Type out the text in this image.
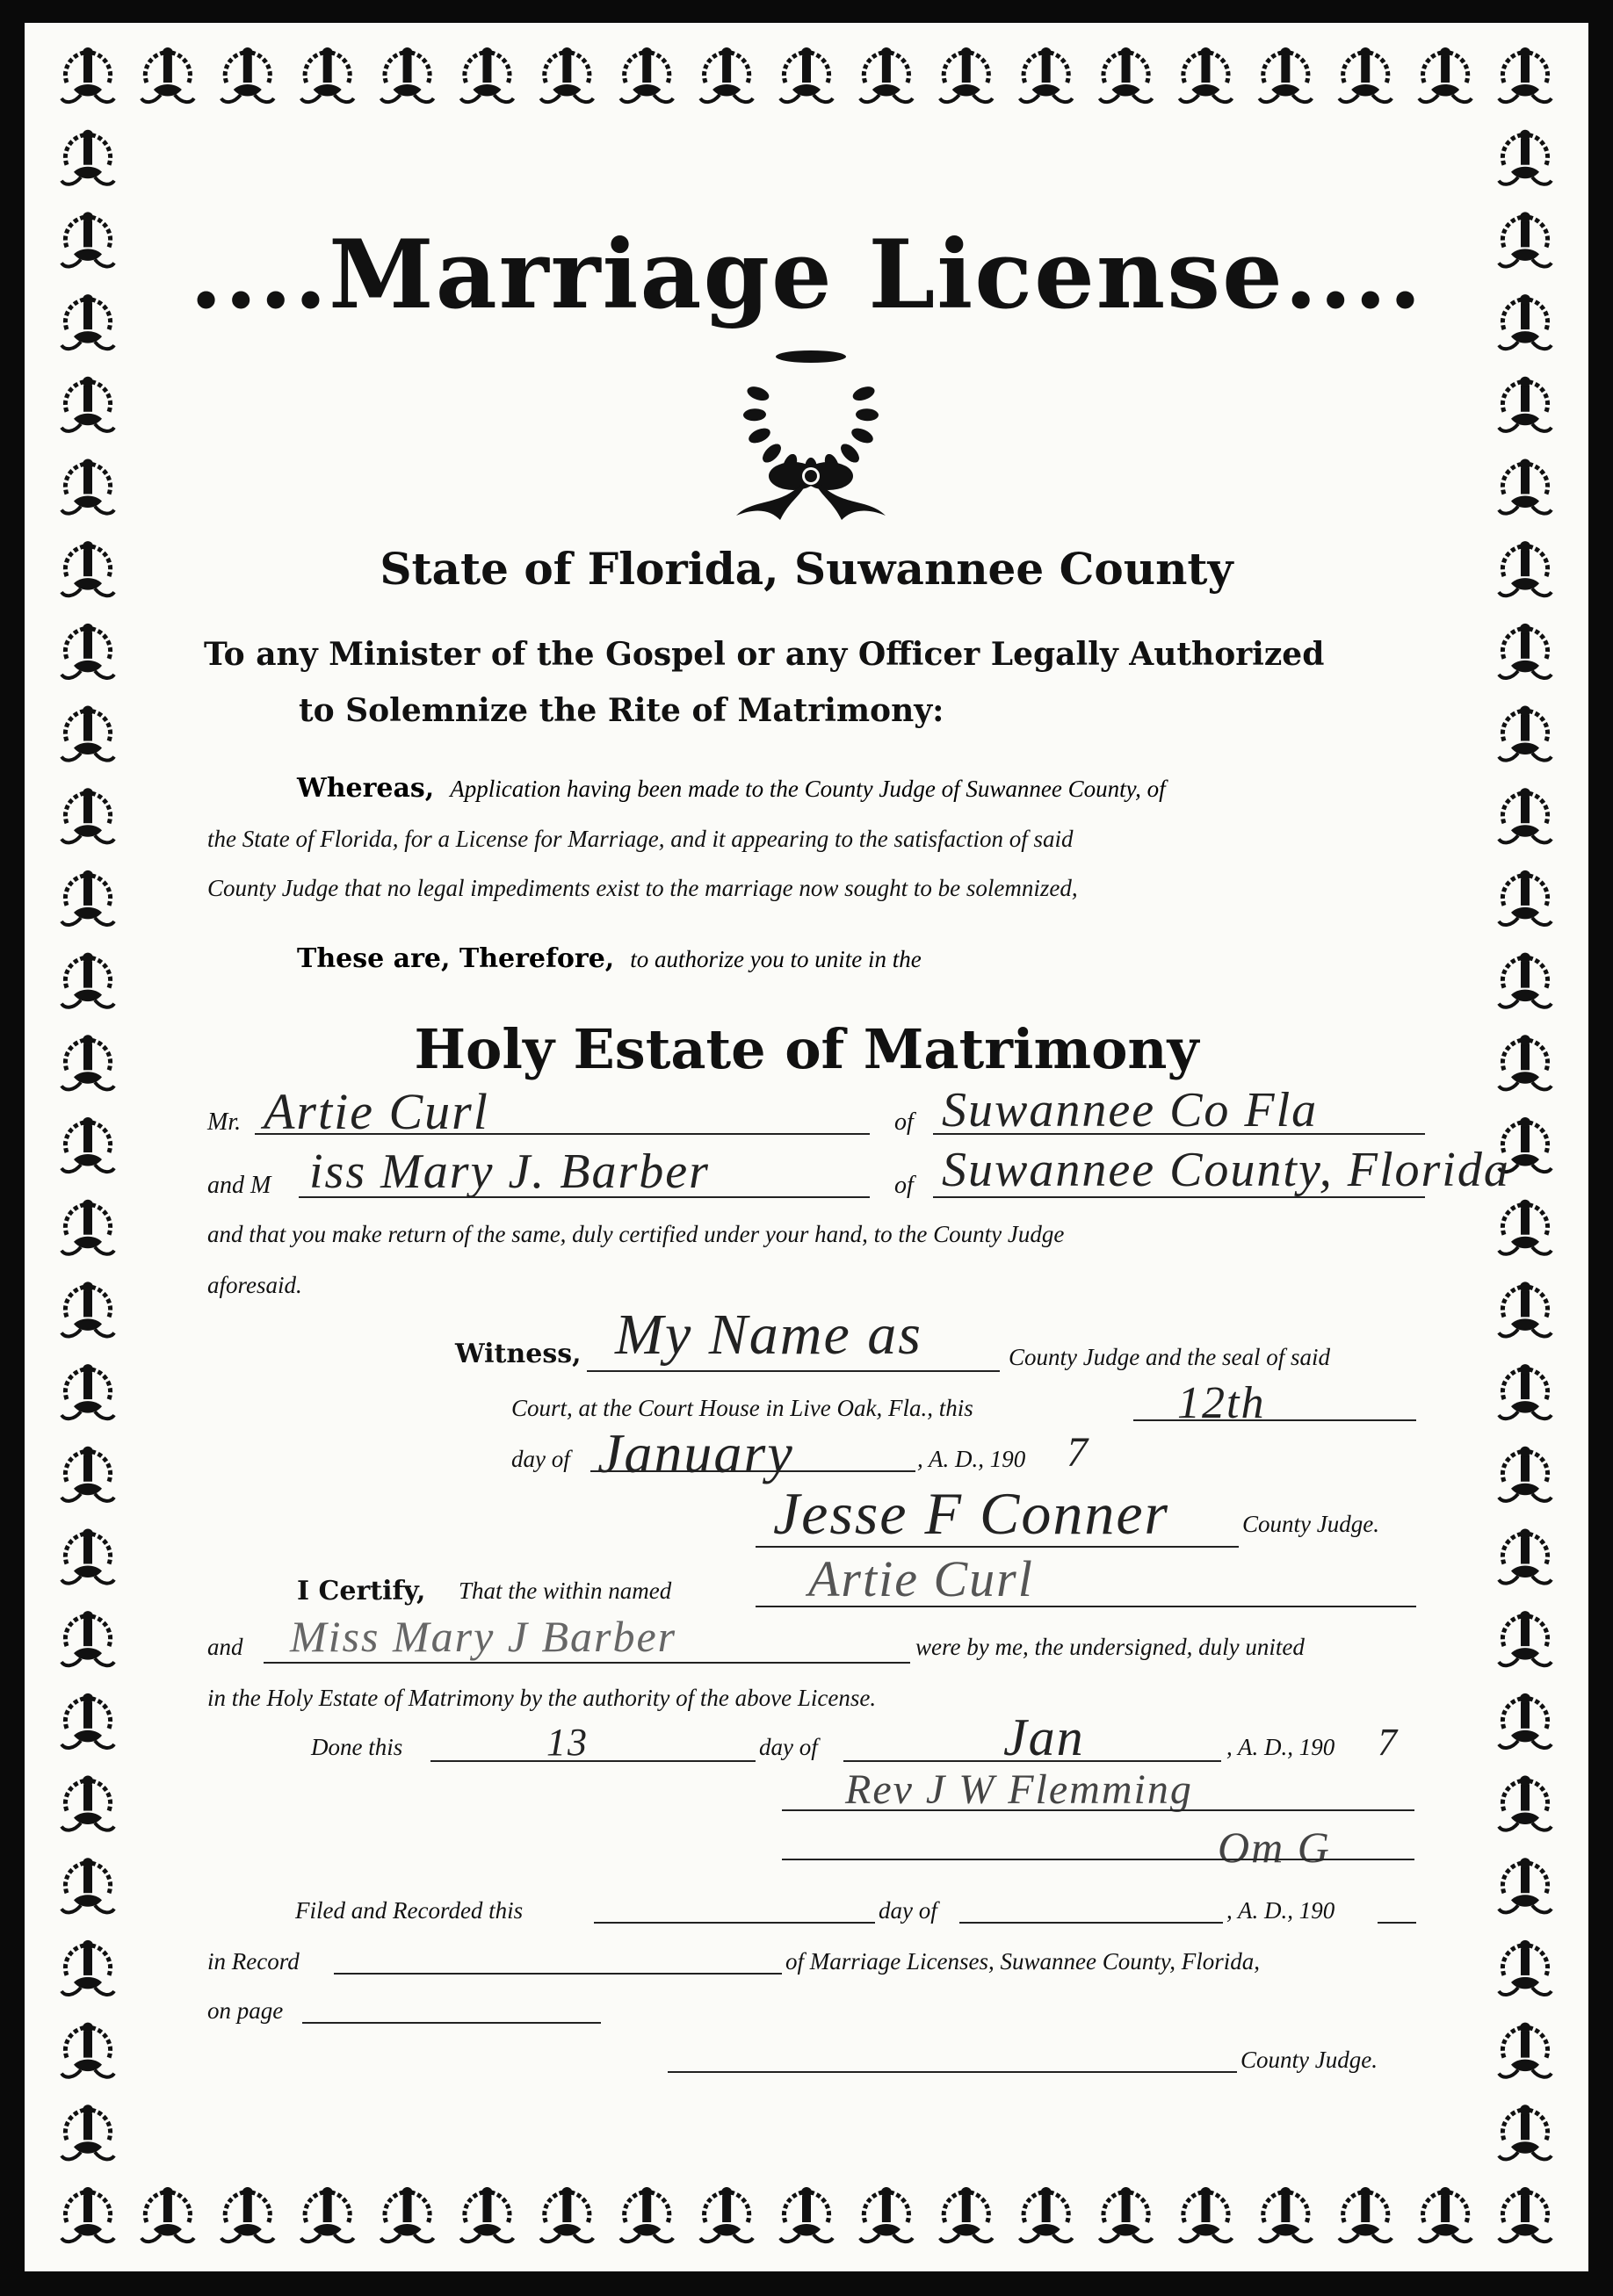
....Marriage License....
State of Florida, Suwannee County
To any Minister of the Gospel or any Officer Legally Authorized
to Solemnize the Rite of Matrimony:
Whereas, Application having been made to the County Judge of Suwannee County, of
the State of Florida, for a License for Marriage, and it appearing to the satisfaction of said
County Judge that no legal impediments exist to the marriage now sought to be solemnized,
These are, Therefore, to authorize you to unite in the
Holy Estate of Matrimony
Mr. Artie Curl	of Suwannee Co Fla
and M iss Mary J. Barber	of Suwannee County, Florida
and that you make return of the same, duly certified under your hand, to the County Judge
aforesaid.
Witness, My Name as	County Judge and the seal of said
Court, at the Court House in Live Oak, Fla., this	12th
day of January	, A. D., 190 7
Jesse F Conner	County Judge.
I Certify, That the within named	Artie Curl
and Miss Mary J Barber	were by me, the undersigned, duly united
in the Holy Estate of Matrimony by the authority of the above License.
Done this	13	day of	Jan	, A. D., 190 7
Rev J W Flemming
Om G
Filed and Recorded this	day of	, A. D., 190
in Record	of Marriage Licenses, Suwannee County, Florida,
on page
County Judge.
